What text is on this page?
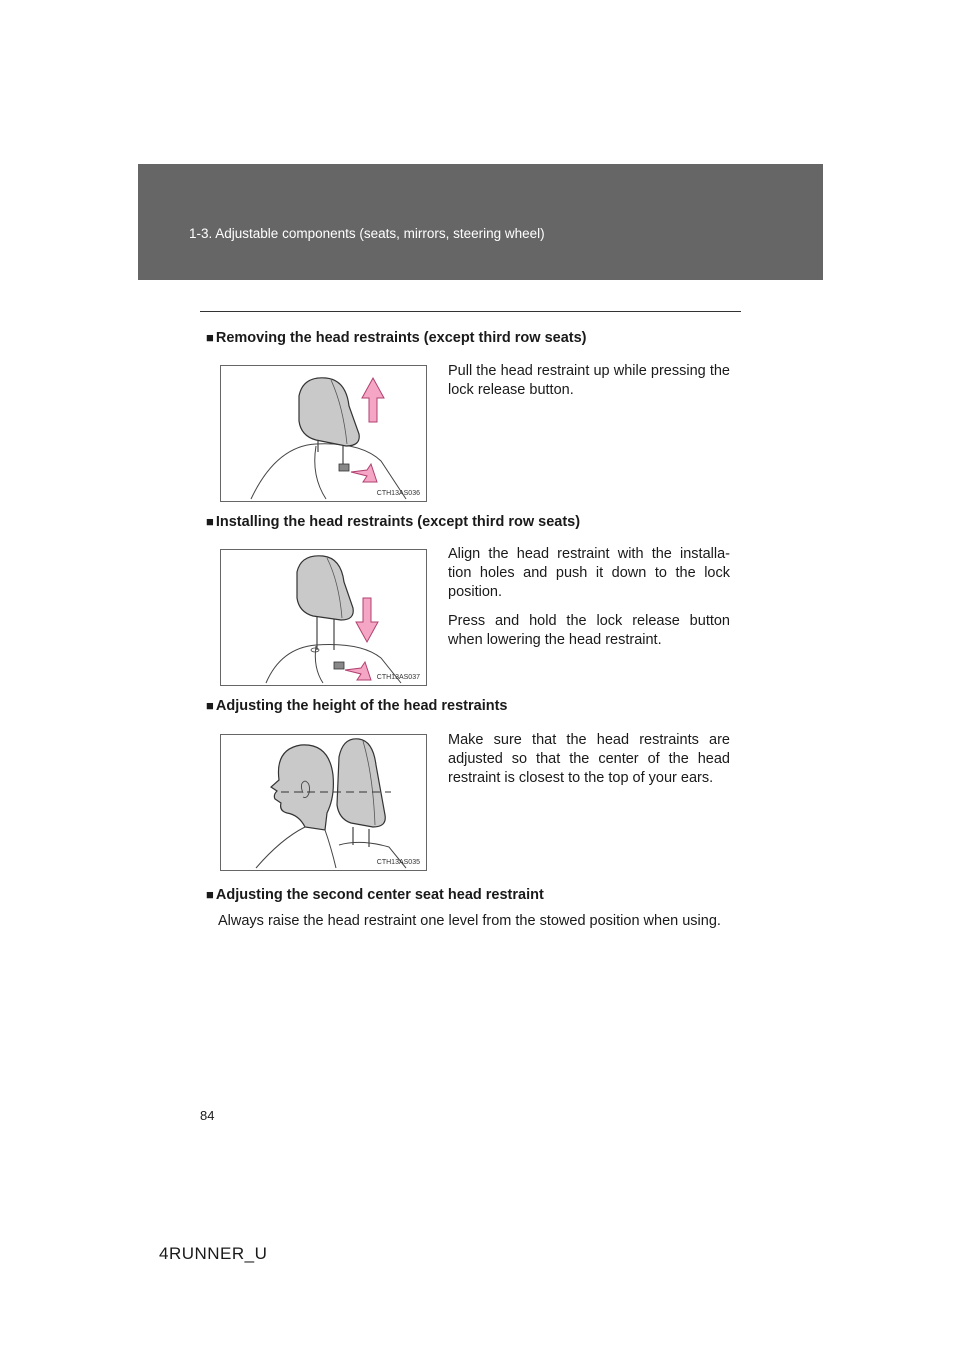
1-3. Adjustable components (seats, mirrors, steering wheel)
■ Removing the head restraints (except third row seats)
CTH13AS036

Pull the head restraint up while pressing the lock release button.

■ Installing the head restraints (except third row seats)
CTH13AS037

Align the head restraint with the installa- tion holes and push it down to the lock position.

Press and hold the lock release button when lowering the head restraint.

■ Adjusting the height of the head restraints
CTH13AS035

Make sure that the head restraints are adjusted so that the center of the head restraint is closest to the top of your ears.

■ Adjusting the second center seat head restraint
Always raise the head restraint one level from the stowed position when using.
84
4RUNNER_U
